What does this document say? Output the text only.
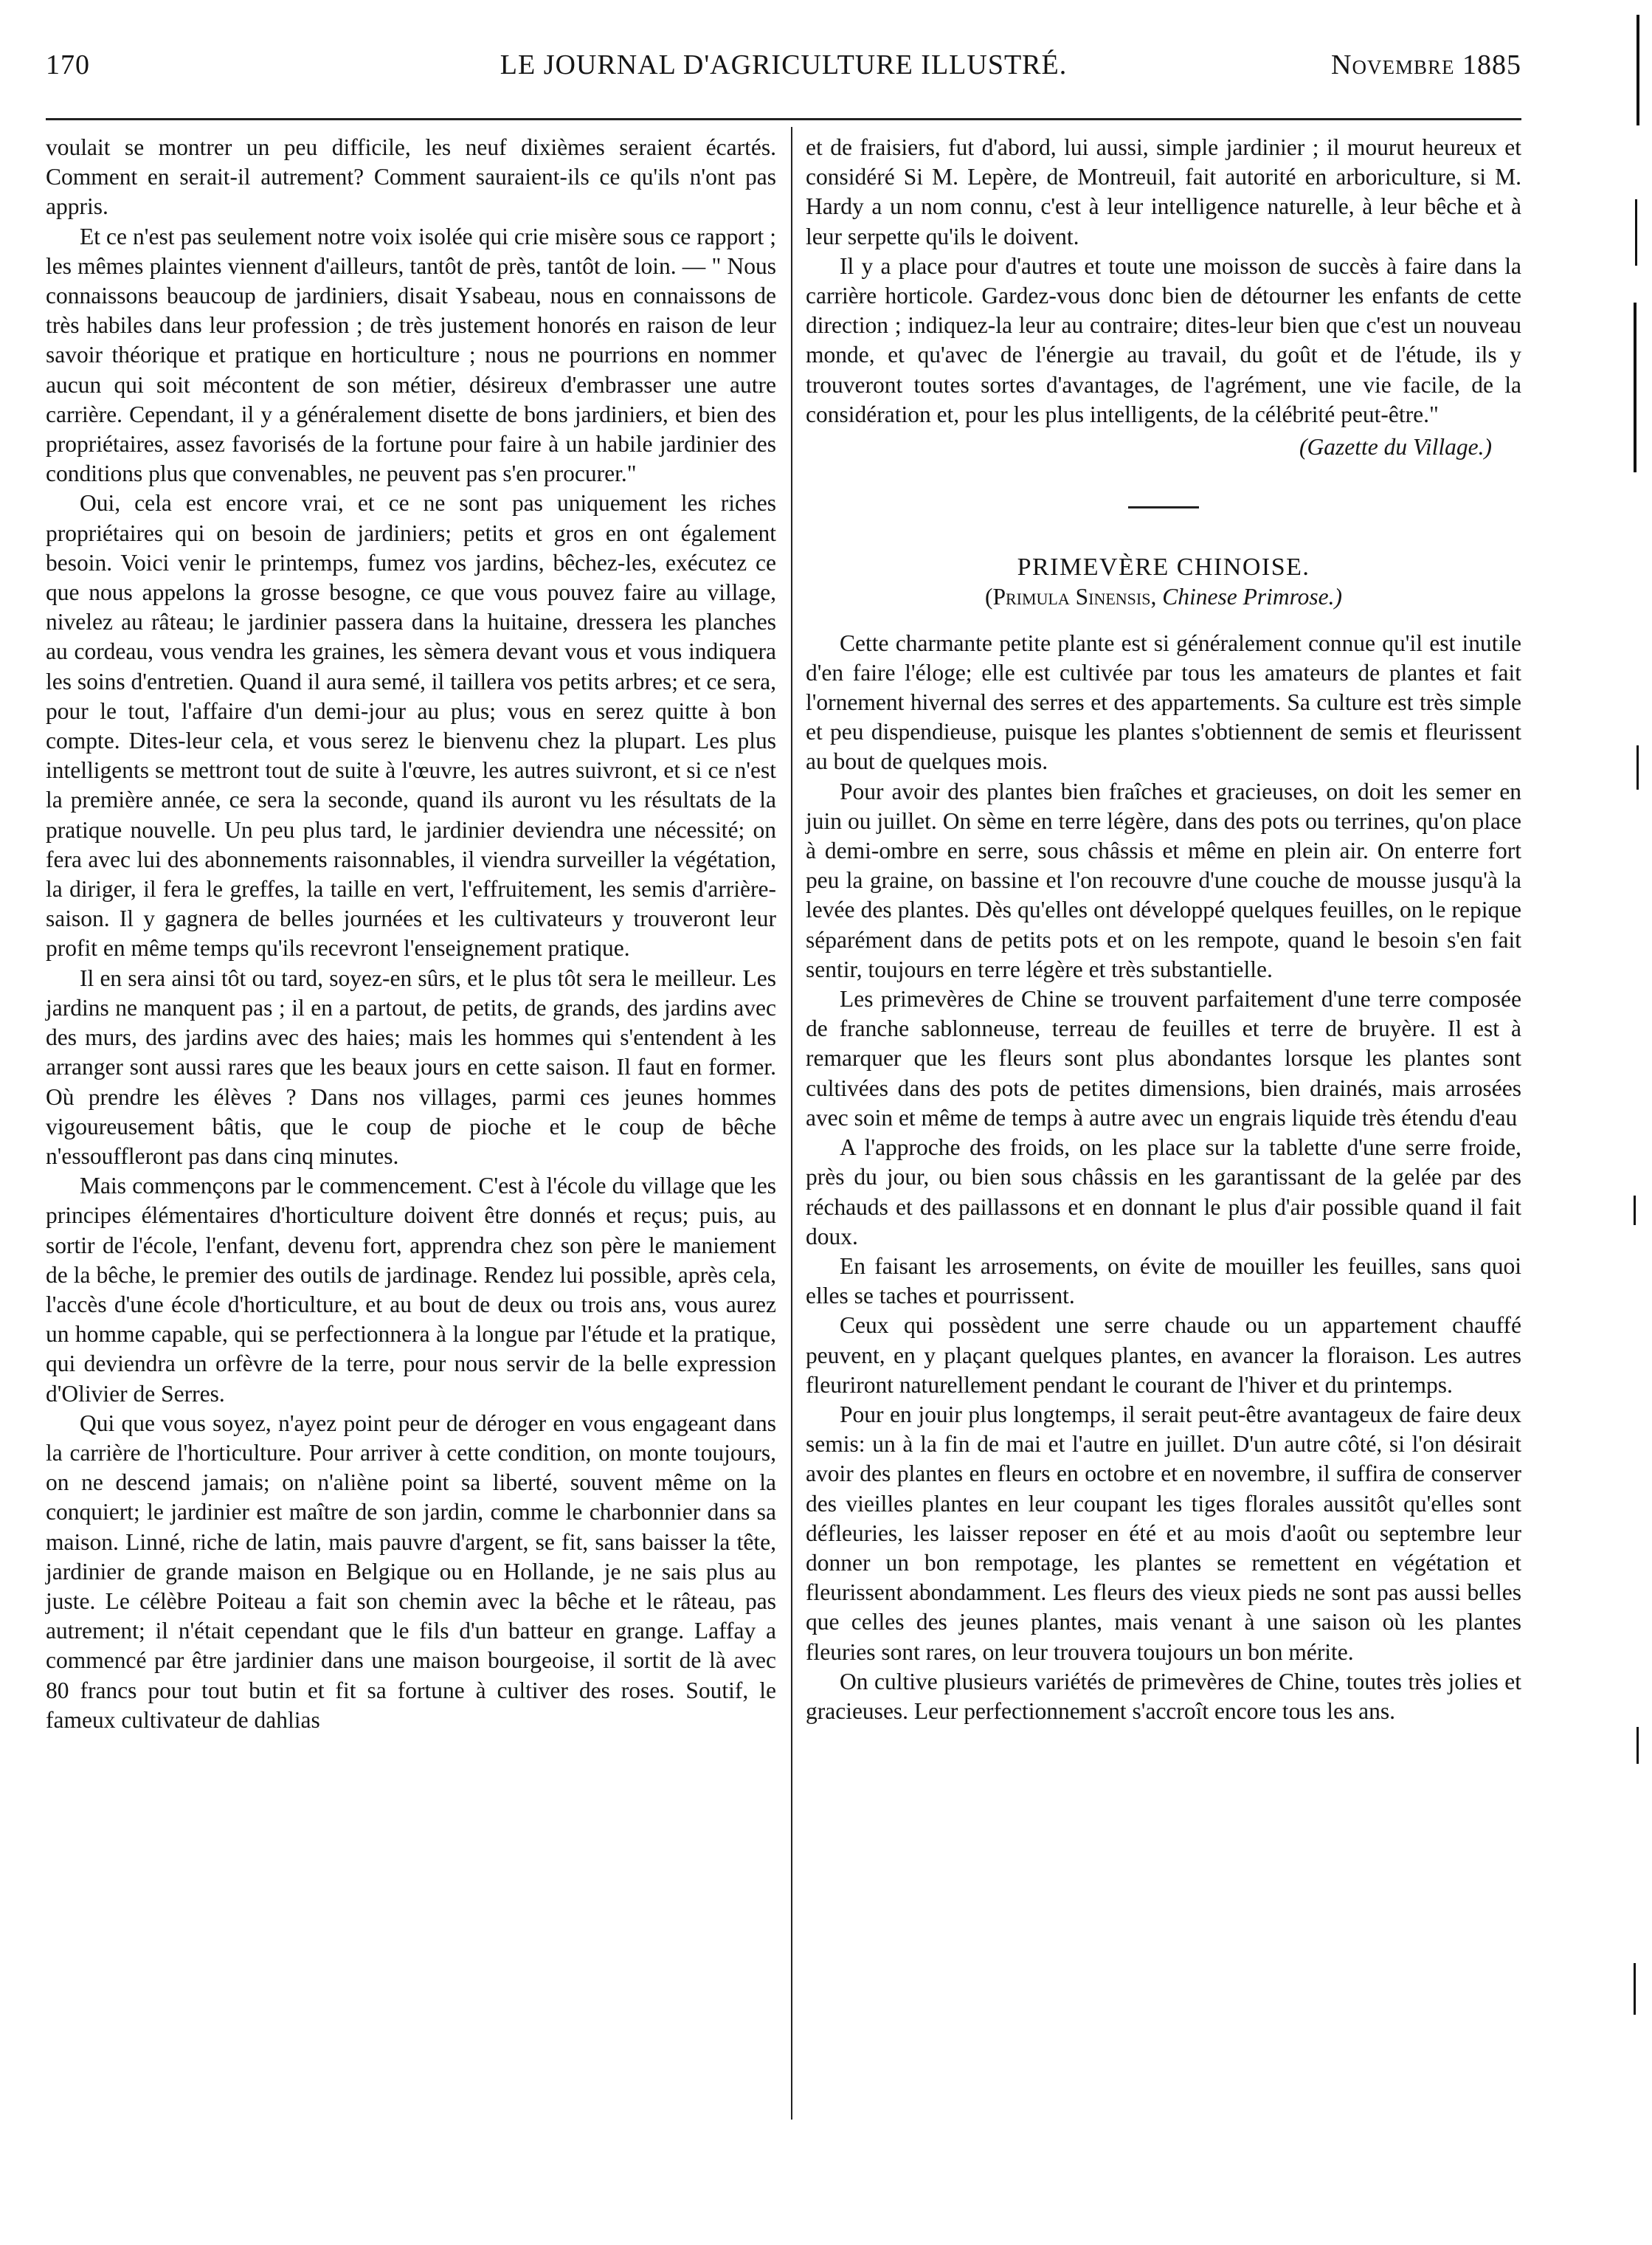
170	LE JOURNAL D'AGRICULTURE ILLUSTRÉ.	Novembre 1885

voulait se montrer un peu difficile, les neuf dixièmes seraient écartés. Comment en serait-il autrement? Comment sauraient-ils ce qu'ils n'ont pas appris.

Et ce n'est pas seulement notre voix isolée qui crie misère sous ce rapport ; les mêmes plaintes viennent d'ailleurs, tantôt de près, tantôt de loin. — " Nous connaissons beaucoup de jardiniers, disait Ysabeau, nous en connaissons de très habiles dans leur profession ; de très justement honorés en raison de leur savoir théorique et pratique en horticulture ; nous ne pourrions en nommer aucun qui soit mécontent de son métier, désireux d'embrasser une autre carrière. Cependant, il y a généralement disette de bons jardiniers, et bien des propriétaires, assez favorisés de la fortune pour faire à un habile jardinier des conditions plus que convenables, ne peuvent pas s'en procurer."

Oui, cela est encore vrai, et ce ne sont pas uniquement les riches propriétaires qui on besoin de jardiniers; petits et gros en ont également besoin. Voici venir le printemps, fumez vos jardins, bêchez-les, exécutez ce que nous appelons la grosse besogne, ce que vous pouvez faire au village, nivelez au râteau; le jardinier passera dans la huitaine, dressera les planches au cordeau, vous vendra les graines, les sèmera devant vous et vous indiquera les soins d'entretien. Quand il aura semé, il taillera vos petits arbres; et ce sera, pour le tout, l'affaire d'un demi-jour au plus; vous en serez quitte à bon compte. Dites-leur cela, et vous serez le bienvenu chez la plupart. Les plus intelligents se mettront tout de suite à l'œuvre, les autres suivront, et si ce n'est la première année, ce sera la seconde, quand ils auront vu les résultats de la pratique nouvelle. Un peu plus tard, le jardinier deviendra une nécessité; on fera avec lui des abonnements raisonnables, il viendra surveiller la végétation, la diriger, il fera le greffes, la taille en vert, l'effruitement, les semis d'arrière-saison. Il y gagnera de belles journées et les cultivateurs y trouveront leur profit en même temps qu'ils recevront l'enseignement pratique.

Il en sera ainsi tôt ou tard, soyez-en sûrs, et le plus tôt sera le meilleur. Les jardins ne manquent pas ; il en a partout, de petits, de grands, des jardins avec des murs, des jardins avec des haies; mais les hommes qui s'entendent à les arranger sont aussi rares que les beaux jours en cette saison. Il faut en former. Où prendre les élèves ? Dans nos villages, parmi ces jeunes hommes vigoureusement bâtis, que le coup de pioche et le coup de bêche n'essouffleront pas dans cinq minutes.

Mais commençons par le commencement. C'est à l'école du village que les principes élémentaires d'horticulture doivent être donnés et reçus; puis, au sortir de l'école, l'enfant, devenu fort, apprendra chez son père le maniement de la bêche, le premier des outils de jardinage. Rendez lui possible, après cela, l'accès d'une école d'horticulture, et au bout de deux ou trois ans, vous aurez un homme capable, qui se perfectionnera à la longue par l'étude et la pratique, qui deviendra un orfèvre de la terre, pour nous servir de la belle expression d'Olivier de Serres.

Qui que vous soyez, n'ayez point peur de déroger en vous engageant dans la carrière de l'horticulture. Pour arriver à cette condition, on monte toujours, on ne descend jamais; on n'aliène point sa liberté, souvent même on la conquiert; le jardinier est maître de son jardin, comme le charbonnier dans sa maison. Linné, riche de latin, mais pauvre d'argent, se fit, sans baisser la tête, jardinier de grande maison en Belgique ou en Hollande, je ne sais plus au juste. Le célèbre Poiteau a fait son chemin avec la bêche et le râteau, pas autrement; il n'était cependant que le fils d'un batteur en grange. Laffay a commencé par être jardinier dans une maison bourgeoise, il sortit de là avec 80 francs pour tout butin et fit sa fortune à cultiver des roses. Soutif, le fameux cultivateur de dahlias

et de fraisiers, fut d'abord, lui aussi, simple jardinier ; il mourut heureux et considéré Si M. Lepère, de Montreuil, fait autorité en arboriculture, si M. Hardy a un nom connu, c'est à leur intelligence naturelle, à leur bêche et à leur serpette qu'ils le doivent.

Il y a place pour d'autres et toute une moisson de succès à faire dans la carrière horticole. Gardez-vous donc bien de détourner les enfants de cette direction ; indiquez-la leur au contraire; dites-leur bien que c'est un nouveau monde, et qu'avec de l'énergie au travail, du goût et de l'étude, ils y trouveront toutes sortes d'avantages, de l'agrément, une vie facile, de la considération et, pour les plus intelligents, de la célébrité peut-être."

(Gazette du Village.)

PRIMEVÈRE CHINOISE.

(Primula Sinensis, Chinese Primrose.)

Cette charmante petite plante est si généralement connue qu'il est inutile d'en faire l'éloge; elle est cultivée par tous les amateurs de plantes et fait l'ornement hivernal des serres et des appartements. Sa culture est très simple et peu dispendieuse, puisque les plantes s'obtiennent de semis et fleurissent au bout de quelques mois.

Pour avoir des plantes bien fraîches et gracieuses, on doit les semer en juin ou juillet. On sème en terre légère, dans des pots ou terrines, qu'on place à demi-ombre en serre, sous châssis et même en plein air. On enterre fort peu la graine, on bassine et l'on recouvre d'une couche de mousse jusqu'à la levée des plantes. Dès qu'elles ont développé quelques feuilles, on le repique séparément dans de petits pots et on les rempote, quand le besoin s'en fait sentir, toujours en terre légère et très substantielle.

Les primevères de Chine se trouvent parfaitement d'une terre composée de franche sablonneuse, terreau de feuilles et terre de bruyère. Il est à remarquer que les fleurs sont plus abondantes lorsque les plantes sont cultivées dans des pots de petites dimensions, bien drainés, mais arrosées avec soin et même de temps à autre avec un engrais liquide très étendu d'eau

A l'approche des froids, on les place sur la tablette d'une serre froide, près du jour, ou bien sous châssis en les garantissant de la gelée par des réchauds et des paillassons et en donnant le plus d'air possible quand il fait doux.

En faisant les arrosements, on évite de mouiller les feuilles, sans quoi elles se taches et pourrissent.

Ceux qui possèdent une serre chaude ou un appartement chauffé peuvent, en y plaçant quelques plantes, en avancer la floraison. Les autres fleuriront naturellement pendant le courant de l'hiver et du printemps.

Pour en jouir plus longtemps, il serait peut-être avantageux de faire deux semis: un à la fin de mai et l'autre en juillet. D'un autre côté, si l'on désirait avoir des plantes en fleurs en octobre et en novembre, il suffira de conserver des vieilles plantes en leur coupant les tiges florales aussitôt qu'elles sont défleuries, les laisser reposer en été et au mois d'août ou septembre leur donner un bon rempotage, les plantes se remettent en végétation et fleurissent abondamment. Les fleurs des vieux pieds ne sont pas aussi belles que celles des jeunes plantes, mais venant à une saison où les plantes fleuries sont rares, on leur trouvera toujours un bon mérite.

On cultive plusieurs variétés de primevères de Chine, toutes très jolies et gracieuses. Leur perfectionnement s'accroît encore tous les ans.
